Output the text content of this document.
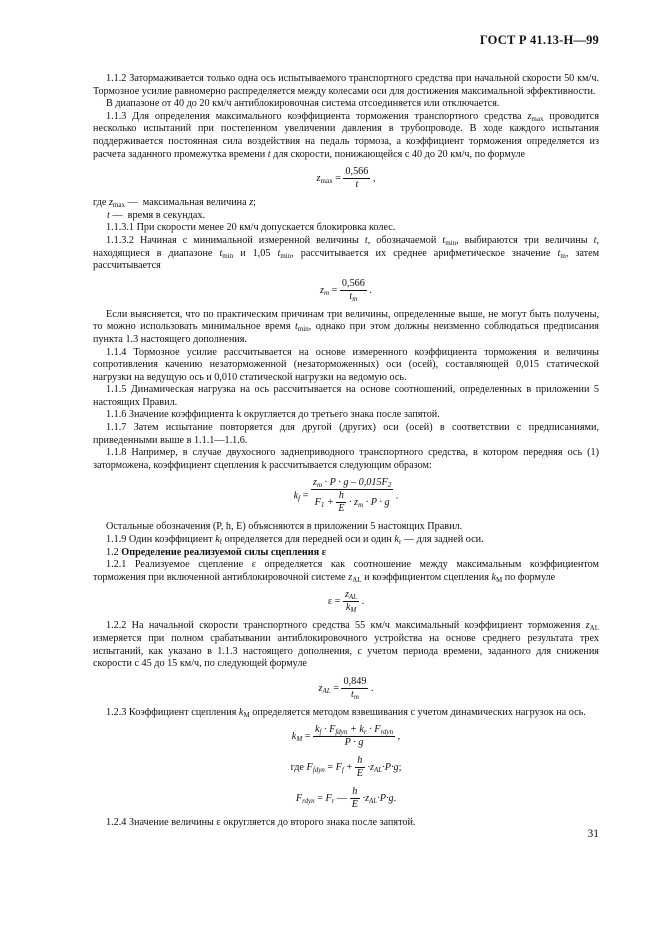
ГОСТ Р 41.13-Н—99

1.1.2 Затормаживается только одна ось испытываемого транспортного средства при начальной скорости 50 км/ч. Тормозное усилие равномерно распределяется между колесами оси для достижения максимальной эффективности.

В диапазоне от 40 до 20 км/ч антиблокировочная система отсоединяется или отключается.

1.1.3 Для определения максимального коэффициента торможения транспортного средства $z_{max}$ проводится несколько испытаний при постепенном увеличении давления в трубопроводе. В ходе каждого испытания поддерживается постоянная сила воздействия на педаль тормоза, а коэффициент торможения определяется из расчета заданного промежутка времени t для скорости, понижающейся с 40 до 20 км/ч, по формуле

$z_{max} = \frac{0,566}{t}$ ,

где $z_{max}$ —  максимальная величина z;

t —  время в секундах.

1.1.3.1 При скорости менее 20 км/ч допускается блокировка колес.

1.1.3.2 Начиная с минимальной измеренной величины t, обозначаемой $t_{min}$, выбираются три величины t, находящиеся в диапазоне $t_{min}$ и 1,05 $t_{min}$, рассчитывается их среднее арифметическое значение $t_m$, затем рассчитывается

$z_m = \frac{0,566}{t_m}$ .

Если выясняется, что по практическим причинам три величины, определенные выше, не могут быть получены, то можно использовать минимальное время $t_{min}$, однако при этом должны неизменно соблюдаться предписания пункта 1.3 настоящего дополнения.

1.1.4 Тормозное усилие рассчитывается на основе измеренного коэффициента торможения и величины сопротивления качению незаторможенной (незаторможенных) оси (осей), составляющей 0,015 статической нагрузки на ведущую ось и 0,010 статической нагрузки на ведомую ось.

1.1.5 Динамическая нагрузка на ось рассчитывается на основе соотношений, определенных в приложении 5 настоящих Правил.

1.1.6 Значение коэффициента k округляется до третьего знака после запятой.

1.1.7 Затем испытание повторяется для другой (других) оси (осей) в соответствии с предписаниями, приведенными выше в 1.1.1—1.1.6.

1.1.8 Например, в случае двухосного заднеприводного транспортного средства, в котором передняя ось (1) заторможена, коэффициент сцепления k рассчитывается следующим образом:

$k_f = \frac{z_m \cdot P \cdot g - 0,015F_2}{F_1 + \frac{h}{E} \cdot z_m \cdot P \cdot g}$ .

Остальные обозначения (P, h, E) объясняются в приложении 5 настоящих Правил.

1.1.9 Один коэффициент $k_f$ определяется для передней оси и один $k_r$ — для задней оси.

1.2 Определение реализуемой силы сцепления ε

1.2.1 Реализуемое сцепление ε определяется как соотношение между максимальным коэффициентом торможения при включенной антиблокировочной системе $z_{AL}$ и коэффициентом сцепления $k_M$ по формуле

$\varepsilon = \frac{z_{AL}}{k_M}$ .

1.2.2 На начальной скорости транспортного средства 55 км/ч максимальный коэффициент торможения $z_{AL}$ измеряется при полном срабатывании антиблокировочного устройства на основе среднего результата трех испытаний, как указано в 1.1.3 настоящего дополнения, с учетом периода времени, заданного для снижения скорости с 45 до 15 км/ч, по следующей формуле

$z_{AL} = \frac{0,849}{t_m}$ .

1.2.3 Коэффициент сцепления $k_M$ определяется методом взвешивания с учетом динамических нагрузок на ось.

$k_M = \frac{k_f \cdot F_{fdyn} + k_r \cdot F_{rdyn}}{P \cdot g}$ ,
где $F_{fdyn} = F_f + \frac{h}{E} \cdot z_{AL}\cdot P\cdot g$;
$F_{rdyn} = F_r$ — $\frac{h}{E} \cdot z_{AL}\cdot P\cdot g$.

1.2.4 Значение величины ε округляется до второго знака после запятой.

31
